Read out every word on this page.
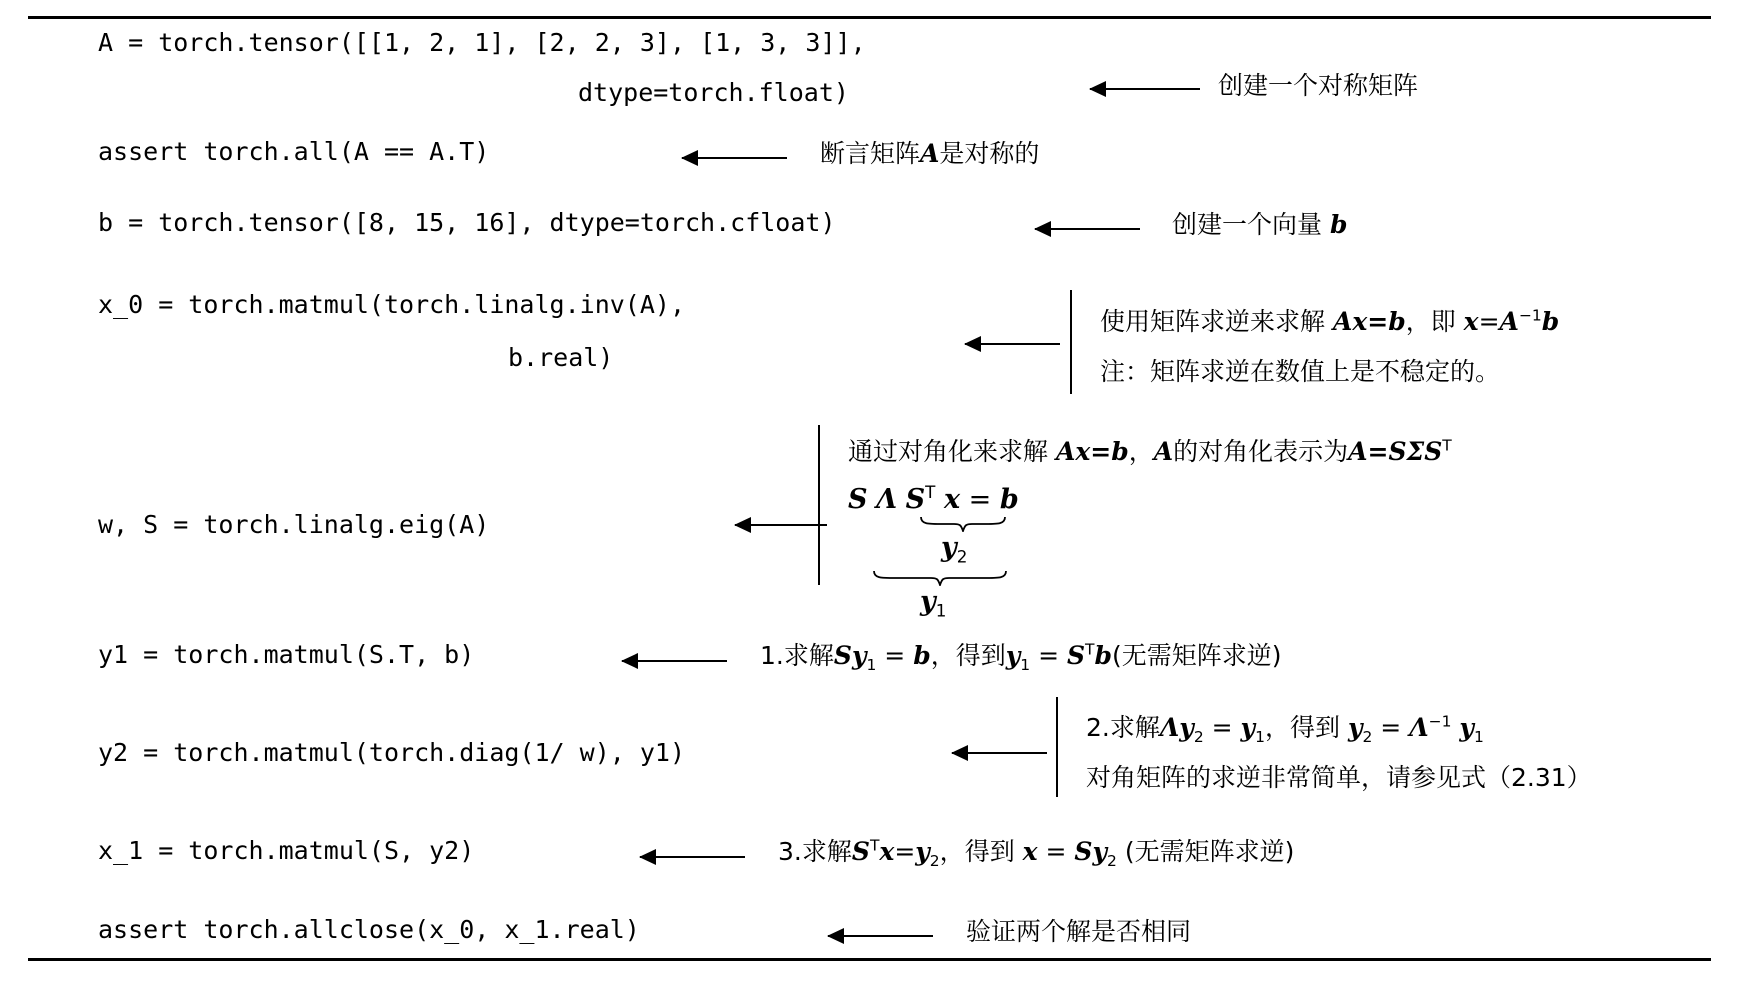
A = torch.tensor([[1, 2, 1], [2, 2, 3], [1, 3, 3]],
dtype=torch.float)	创建一个对称矩阵
assert torch.all(A == A.T)	断言矩阵A是对称的
b = torch.tensor([8, 15, 16], dtype=torch.cfloat)	创建一个向量 b
x_0 = torch.matmul(torch.linalg.inv(A),
b.real)
使用矩阵求逆来求解 Ax=b，即 $x=A^{-1}b$
注：矩阵求逆在数值上是不稳定的。
w, S = torch.linalg.eig(A)
通过对角化来求解 Ax=b，A的对角化表示为$A=S\Sigma S^T$
S Λ $S^T$ x = b
$y_2$
$y_1$
y1 = torch.matmul(S.T, b)	1.求解$Sy_1 = b$，得到$y_1 = S^Tb$(无需矩阵求逆)
y2 = torch.matmul(torch.diag(1/ w), y1)
2.求解$\Lambda y_2 = y_1$，得到 $y_2 = \Lambda^{-1}$ $y_1$
对角矩阵的求逆非常简单，请参见式（2.31）
x_1 = torch.matmul(S, y2)	3.求解$S^Tx=y_2$，得到 $x = Sy_2$ (无需矩阵求逆)
assert torch.allclose(x_0, x_1.real)	验证两个解是否相同
